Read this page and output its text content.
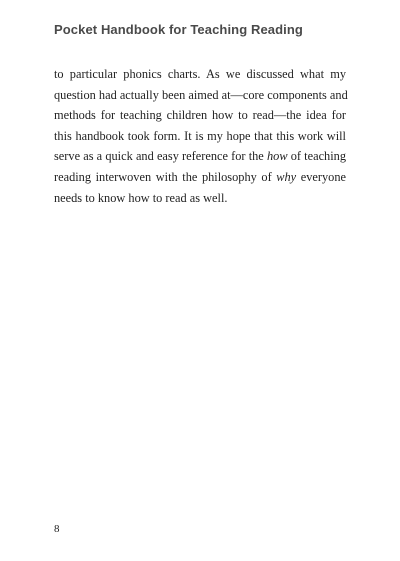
Pocket Handbook for Teaching Reading

to particular phonics charts. As we discussed what my
question had actually been aimed at—core components and
methods for teaching children how to read—the idea for
this handbook took form. It is my hope that this work will
serve as a quick and easy reference for the how of teaching
reading interwoven with the philosophy of why everyone
needs to know how to read as well.

8
